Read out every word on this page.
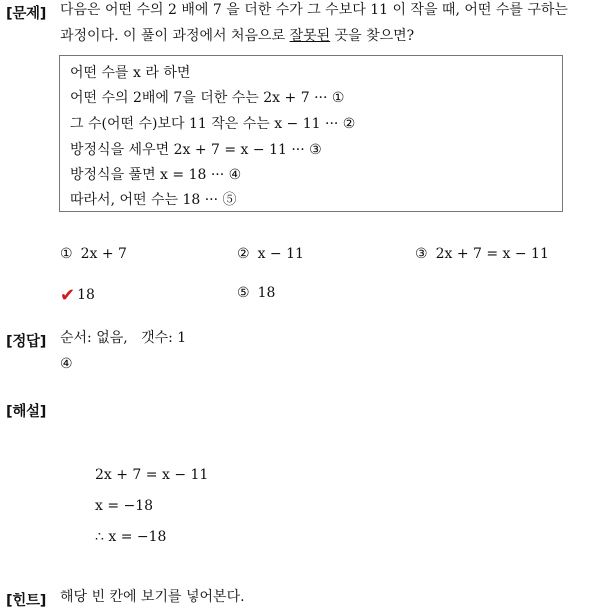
[문제] 다음은 어떤 수의 2 배에 7 을 더한 수가 그 수보다 11 이 작을 때, 어떤 수를 구하는
과정이다. 이 풀이 과정에서 처음으로 잘못된 곳을 찾으면?
어떤 수를 x 라 하면
어떤 수의 2배에 7을 더한 수는 2x + 7 ··· ①
그 수(어떤 수)보다 11 작은 수는 x − 11 ··· ②
방정식을 세우면 2x + 7 = x − 11 ··· ③
방정식을 풀면 x = 18 ··· ④
따라서, 어떤 수는 18 ··· ⑤
① 2x + 7	② x − 11	③ 2x + 7 = x − 11
✔ 18	⑤ 18
[정답] 순서: 없음,   갯수: 1
④
[해설]
2x + 7 = x − 11
x = −18
∴ x = −18
[힌트] 해당 빈 칸에 보기를 넣어본다.
